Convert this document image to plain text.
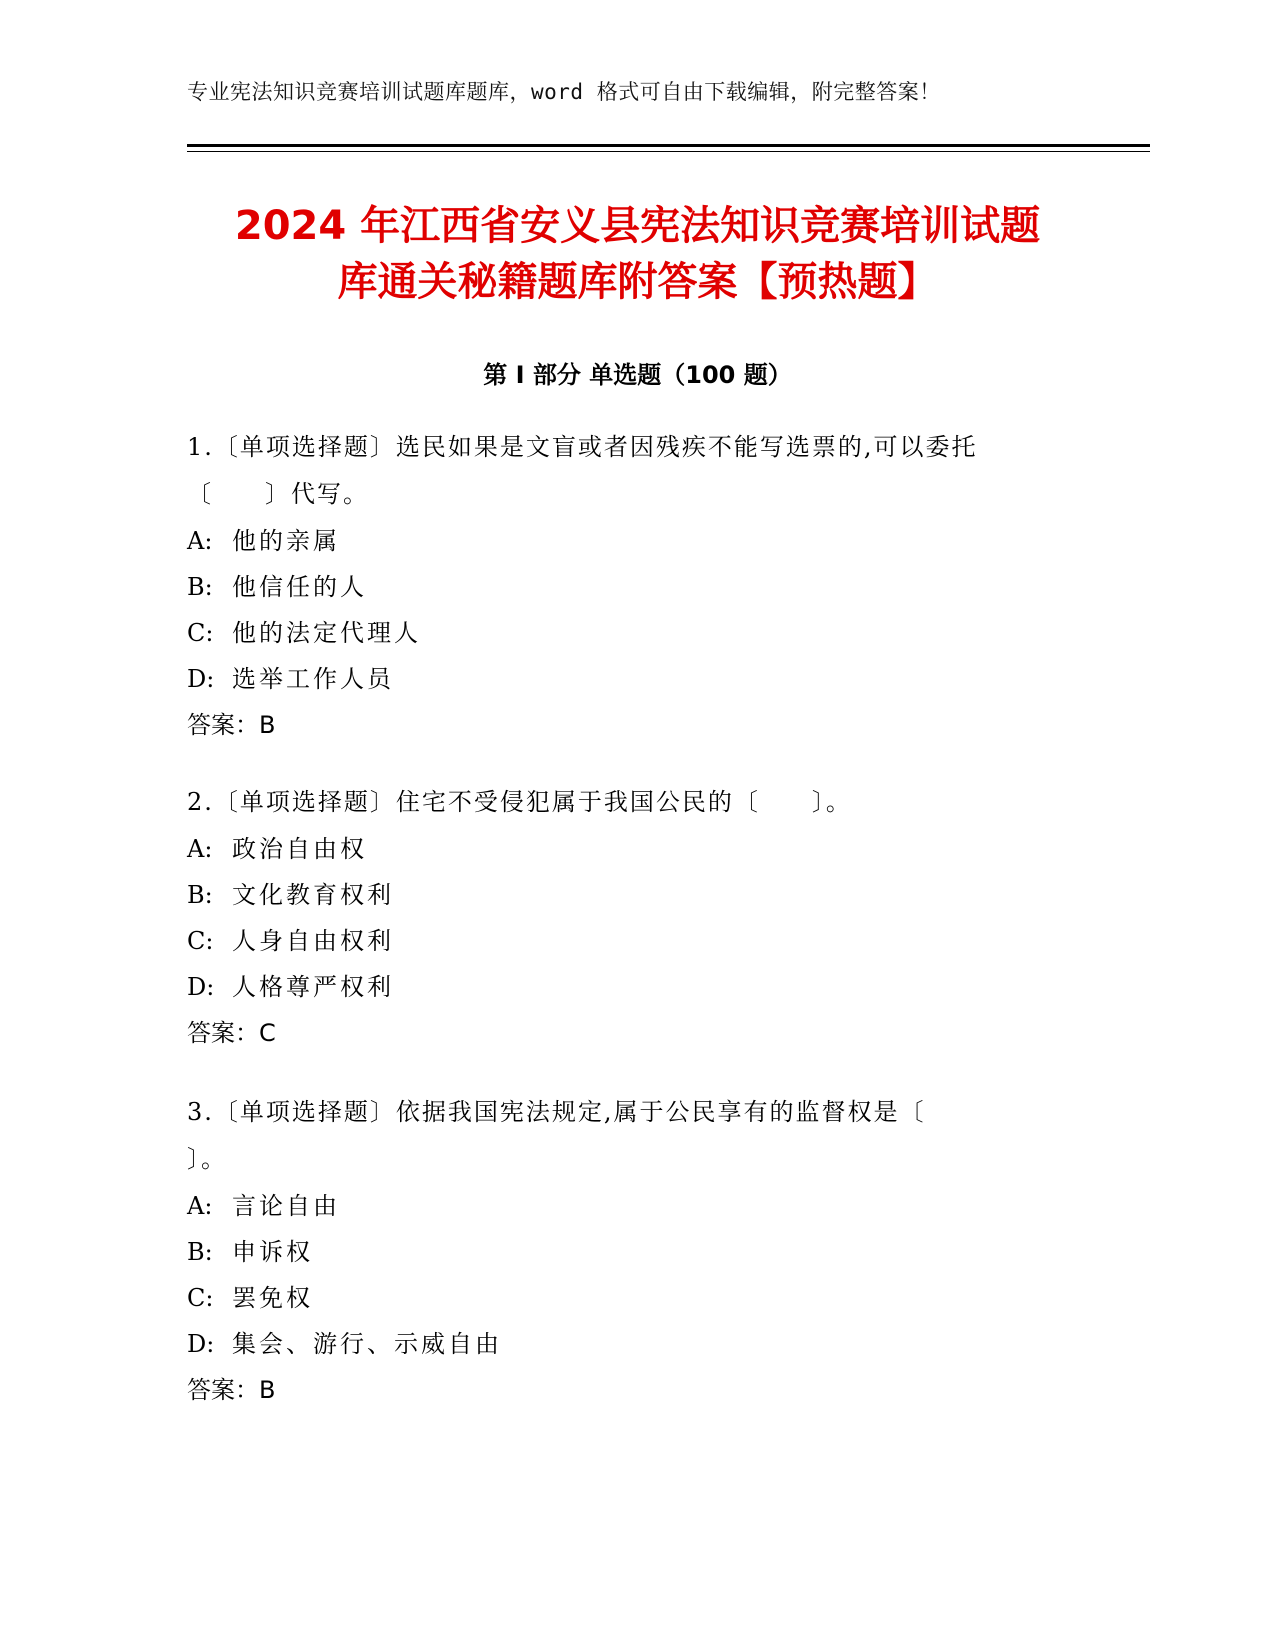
专业宪法知识竞赛培训试题库题库，word 格式可自由下载编辑，附完整答案！
2024 年江西省安义县宪法知识竞赛培训试题
库通关秘籍题库附答案【预热题】
第 I 部分 单选题（100 题）

1.〔单项选择题〕选民如果是文盲或者因残疾不能写选票的,可以委托

〔　　〕代写。

A: 他的亲属

B: 他信任的人

C: 他的法定代理人

D: 选举工作人员

答案：B

2.〔单项选择题〕住宅不受侵犯属于我国公民的〔　　〕。

A: 政治自由权

B: 文化教育权利

C: 人身自由权利

D: 人格尊严权利

答案：C

3.〔单项选择题〕依据我国宪法规定,属于公民享有的监督权是〔

〕。

A: 言论自由

B: 申诉权

C: 罢免权

D: 集会、游行、示威自由

答案：B
